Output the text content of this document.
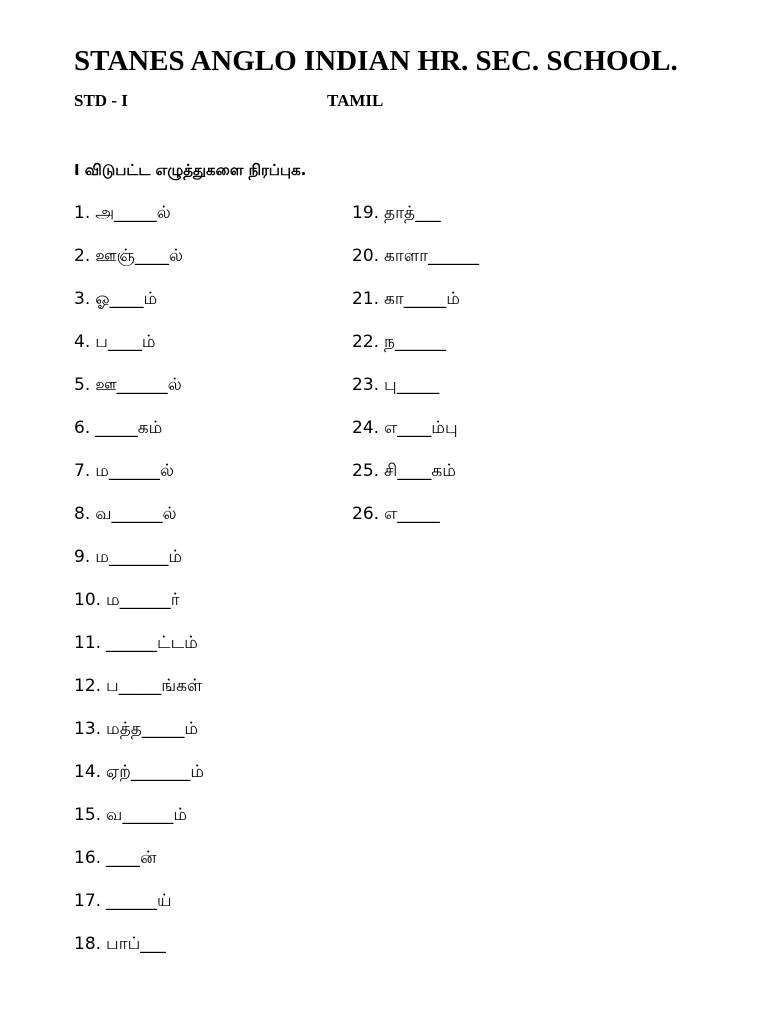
STANES ANGLO INDIAN HR. SEC. SCHOOL.
STD - I	TAMIL
I விடுபட்ட எழுத்துகளை நிரப்புக.
1. அ_____ல்
2. ஊஞ்____ல்
3. ஓ____ம்
4. ப____ம்
5. ஊ______ல்
6. _____கம்
7. ம______ல்
8. வ______ல்
9. ம_______ம்
10. ம______ர்
11. ______ட்டம்
12. ப_____ங்கள்
13. மத்த_____ம்
14. ஏற்_______ம்
15. வ______ம்
16. ____ன்
17. ______ய்
18. பாப்___
19. தாத்___
20. காளா______
21. கா_____ம்
22. ந______
23. பு_____
24. எ____ம்பு
25. சி____கம்
26. எ_____
